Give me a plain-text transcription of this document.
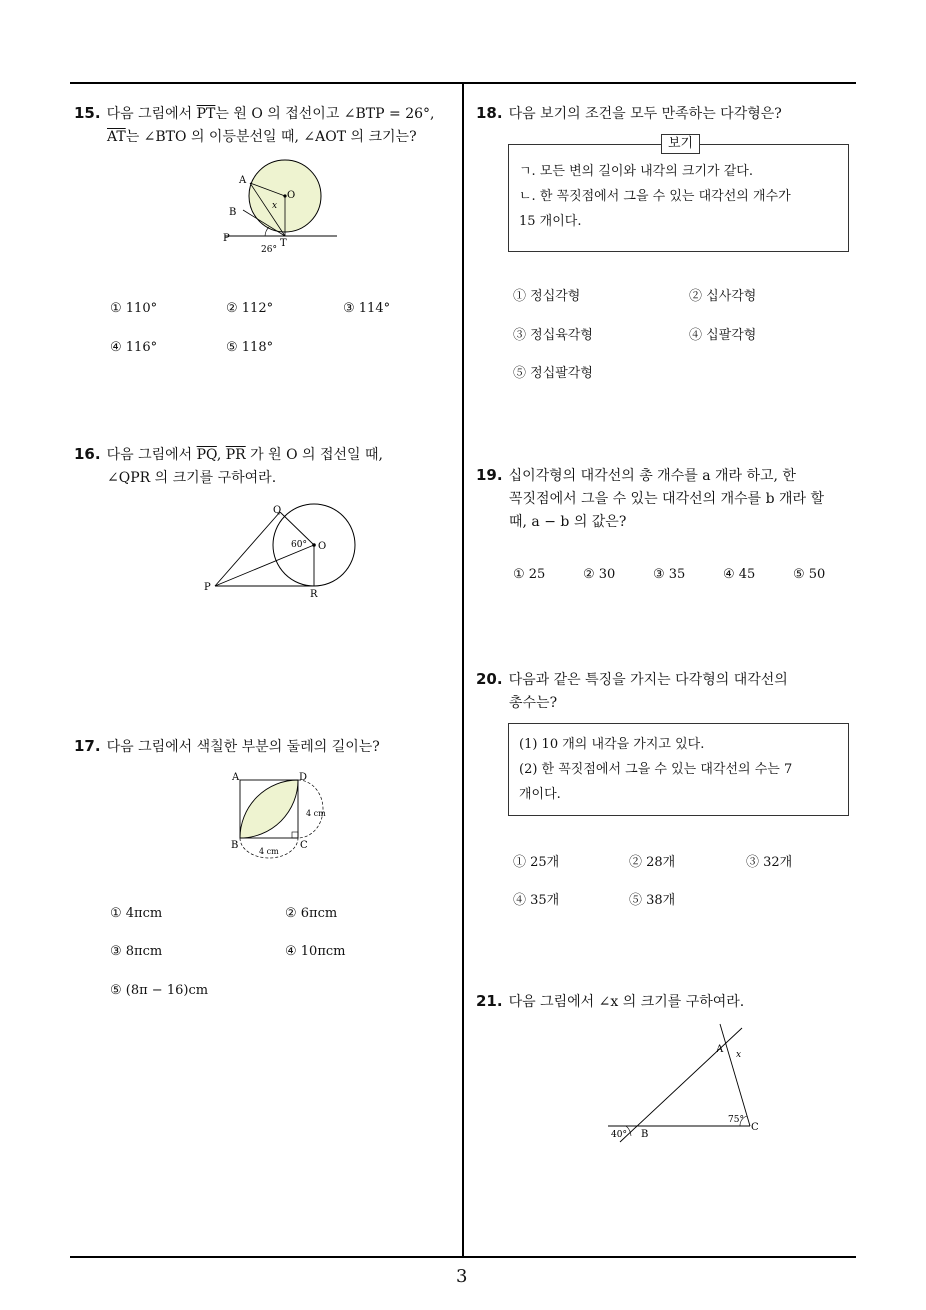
3
15. 다음 그림에서 $\overline{PT}$는 원 O 의 접선이고 ∠BTP = 26°,
$\overline{AT}$는 ∠BTO 의 이등분선일 때, ∠AOT 의 크기는?
A
O
B
P	T
x
26°
① 110°	② 112°	③ 114°
④ 116°	⑤ 118°
16. 다음 그림에서 $\overline{PQ}$, $\overline{PR}$ 가 원 O 의 접선일 때,
∠QPR 의 크기를 구하여라.
Q
O
P
R
60°
17. 다음 그림에서 색칠한 부분의 둘레의 길이는?
A	D
B	C
4 cm
4 cm
① 4πcm	② 6πcm
③ 8πcm	④ 10πcm
⑤ (8π − 16)cm
18. 다음 보기의 조건을 모두 만족하는 다각형은?
ㄱ. 모든 변의 길이와 내각의 크기가 같다.
ㄴ. 한 꼭짓점에서 그을 수 있는 대각선의 개수가
15 개이다.
보기
① 정십각형	② 십사각형
③ 정십육각형	④ 십팔각형
⑤ 정십팔각형
19. 십이각형의 대각선의 총 개수를 a 개라 하고, 한
꼭짓점에서 그을 수 있는 대각선의 개수를 b 개라 할
때, a − b 의 값은?
① 25	② 30	③ 35	④ 45	⑤ 50
20. 다음과 같은 특징을 가지는 다각형의 대각선의
총수는?
(1) 10 개의 내각을 가지고 있다.
(2) 한 꼭짓점에서 그을 수 있는 대각선의 수는 7
개이다.
① 25개	② 28개	③ 32개
④ 35개	⑤ 38개
21. 다음 그림에서 ∠x 의 크기를 구하여라.
A x
B
C
40°
75°
